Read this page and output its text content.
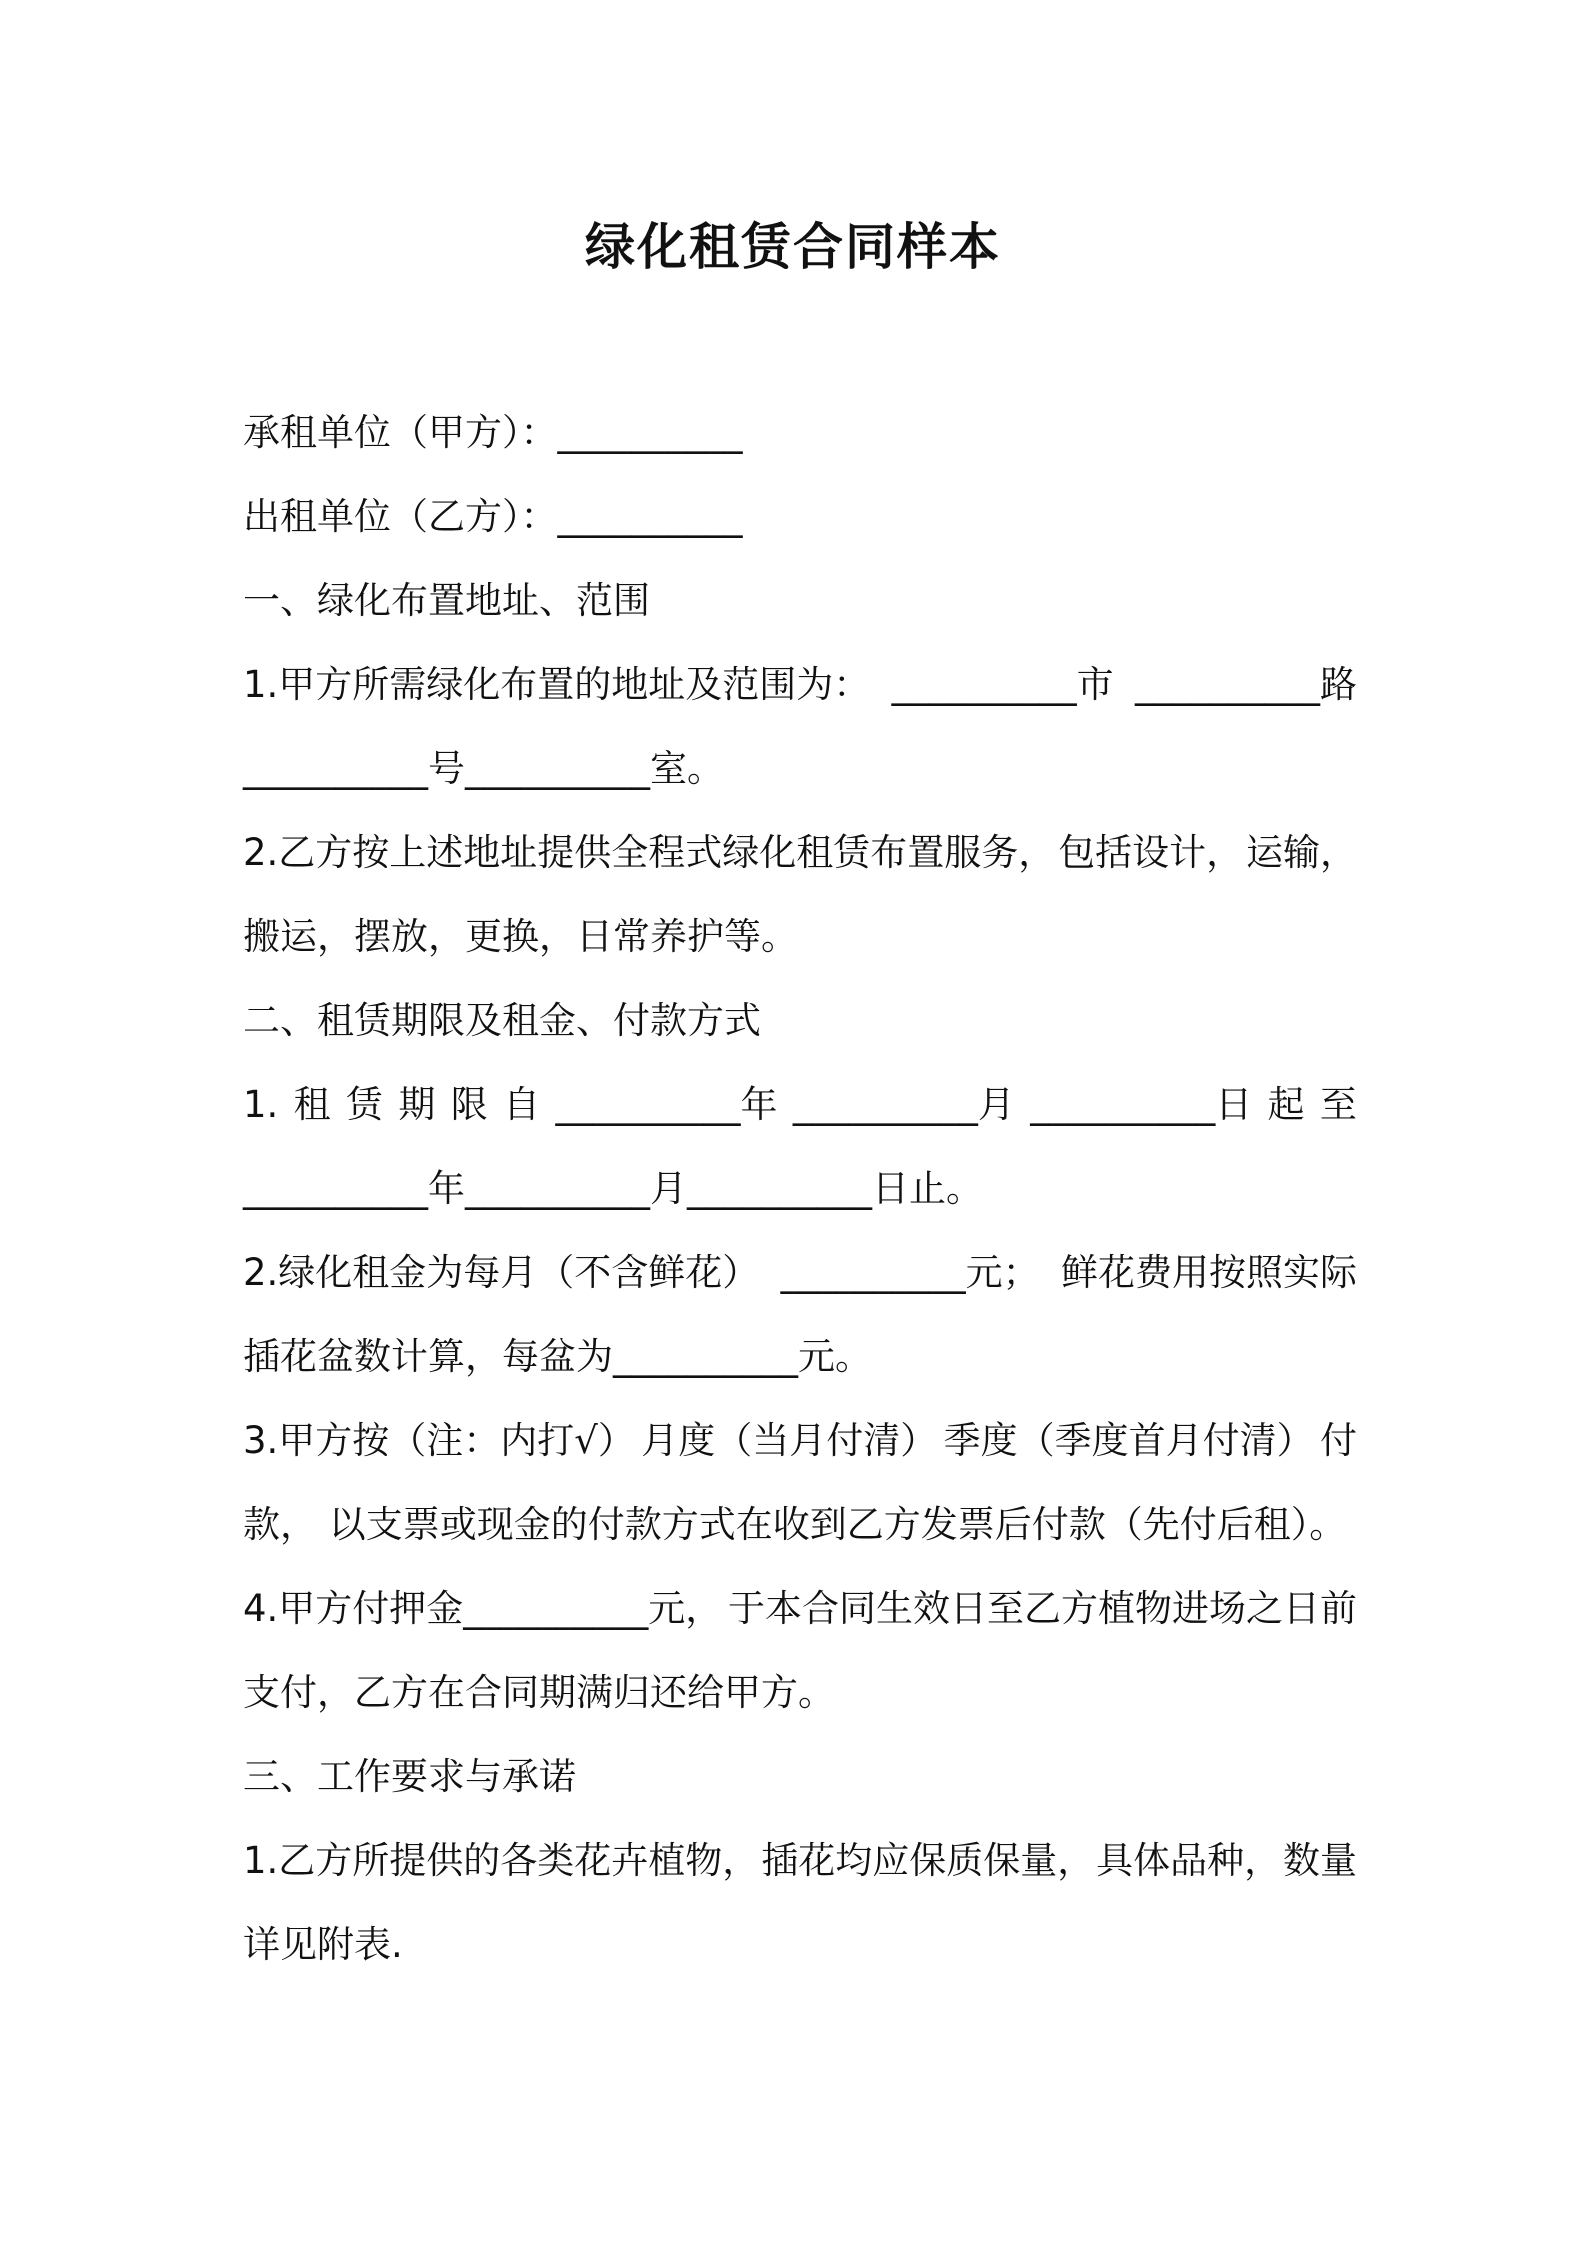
绿化租赁合同样本
承租单位（甲方）：__________
出租单位（乙方）：__________
一、绿化布置地址、范围
1.甲方所需绿化布置的地址及范围为： __________市 __________路
__________号__________室。
2.乙方按上述地址提供全程式绿化租赁布置服务， 包括设计， 运输，
搬运，摆放，更换，日常养护等。
二、租赁期限及租金、付款方式
1. 租 赁 期 限 自 __________年 __________月 __________日 起 至
__________年__________月__________日止。
2.绿化租金为每月（不含鲜花） __________元； 鲜花费用按照实际
插花盆数计算，每盆为__________元。
3.甲方按（注：内打√） 月度（当月付清） 季度（季度首月付清） 付
款， 以支票或现金的付款方式在收到乙方发票后付款（先付后租）。
4.甲方付押金__________元， 于本合同生效日至乙方植物进场之日前
支付，乙方在合同期满归还给甲方。
三、工作要求与承诺
1.乙方所提供的各类花卉植物， 插花均应保质保量， 具体品种， 数量
详见附表.
